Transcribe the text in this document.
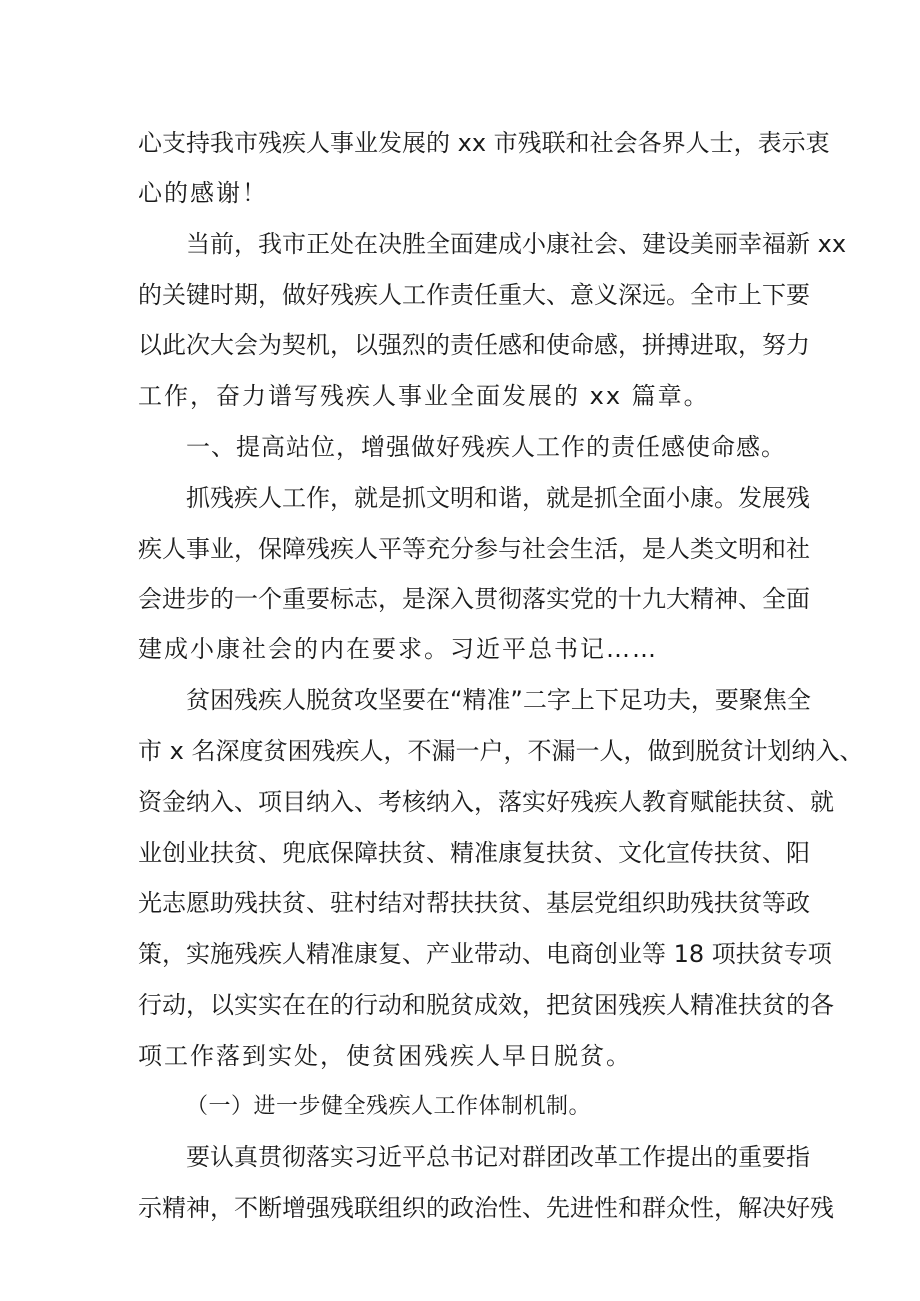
心支持我市残疾人事业发展的 xx 市残联和社会各界人士，表示衷
心的感谢！
当前，我市正处在决胜全面建成小康社会、建设美丽幸福新 xx
的关键时期，做好残疾人工作责任重大、意义深远。全市上下要
以此次大会为契机，以强烈的责任感和使命感，拼搏进取，努力
工作，奋力谱写残疾人事业全面发展的 xx 篇章。
一、提高站位，增强做好残疾人工作的责任感使命感。
抓残疾人工作，就是抓文明和谐，就是抓全面小康。发展残
疾人事业，保障残疾人平等充分参与社会生活，是人类文明和社
会进步的一个重要标志，是深入贯彻落实党的十九大精神、全面
建成小康社会的内在要求。习近平总书记……
贫困残疾人脱贫攻坚要在“精准”二字上下足功夫，要聚焦全
市 x 名深度贫困残疾人，不漏一户，不漏一人，做到脱贫计划纳入、
资金纳入、项目纳入、考核纳入，落实好残疾人教育赋能扶贫、就
业创业扶贫、兜底保障扶贫、精准康复扶贫、文化宣传扶贫、阳
光志愿助残扶贫、驻村结对帮扶扶贫、基层党组织助残扶贫等政
策，实施残疾人精准康复、产业带动、电商创业等 18 项扶贫专项
行动，以实实在在的行动和脱贫成效，把贫困残疾人精准扶贫的各
项工作落到实处，使贫困残疾人早日脱贫。
（一）进一步健全残疾人工作体制机制。
要认真贯彻落实习近平总书记对群团改革工作提出的重要指
示精神，不断增强残联组织的政治性、先进性和群众性，解决好残
